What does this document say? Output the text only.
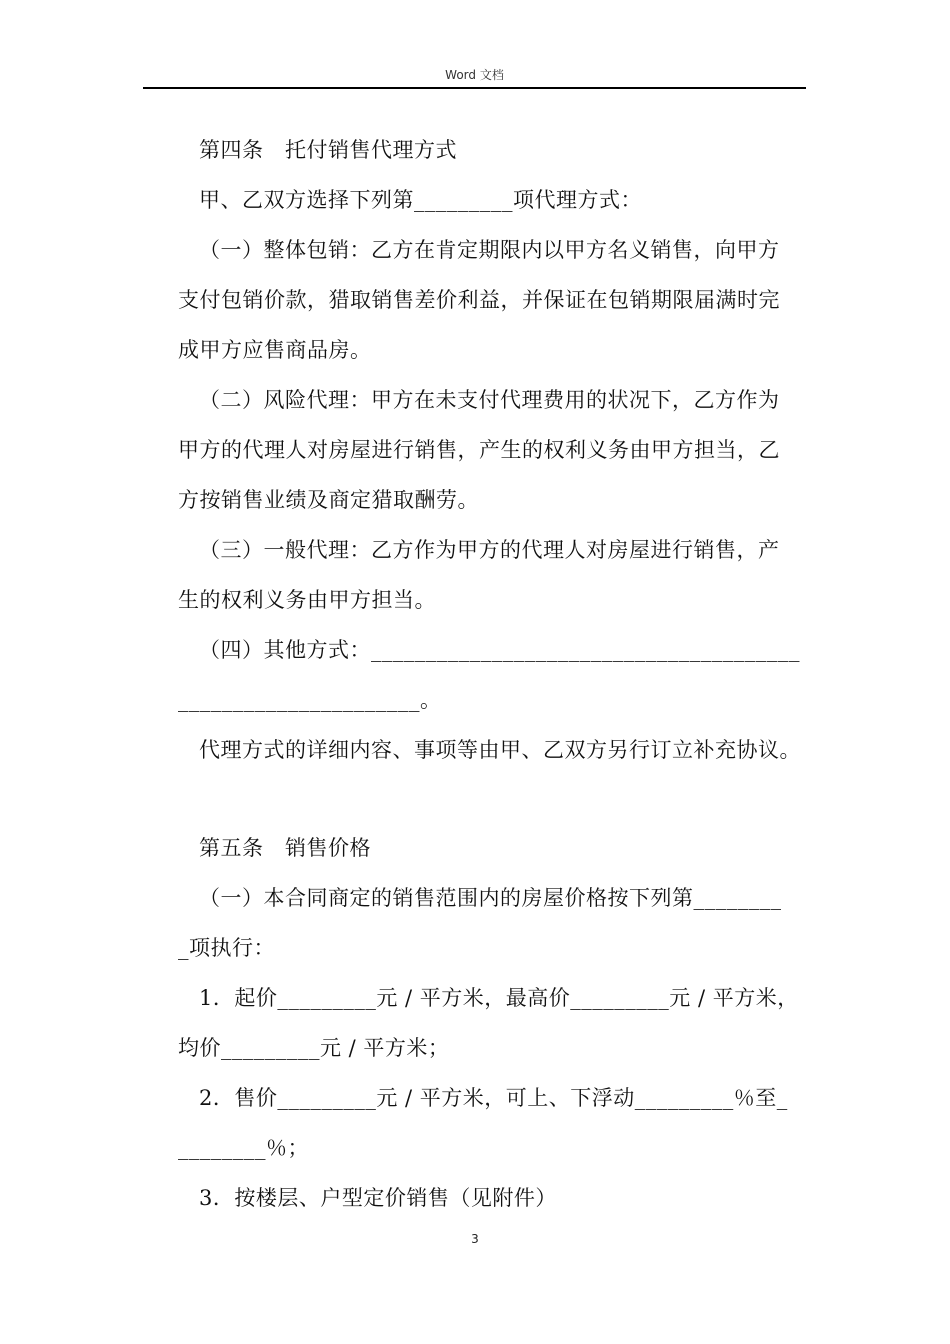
Word 文档
第四条　托付销售代理方式
甲、乙双方选择下列第_________项代理方式：
（一）整体包销：乙方在肯定期限内以甲方名义销售，向甲方
支付包销价款，猎取销售差价利益，并保证在包销期限届满时完
成甲方应售商品房。
（二）风险代理：甲方在未支付代理费用的状况下，乙方作为
甲方的代理人对房屋进行销售，产生的权利义务由甲方担当，乙
方按销售业绩及商定猎取酬劳。
（三）一般代理：乙方作为甲方的代理人对房屋进行销售，产
生的权利义务由甲方担当。
（四）其他方式：_______________________________________
______________________。
代理方式的详细内容、事项等由甲、乙双方另行订立补充协议。
第五条　销售价格
（一）本合同商定的销售范围内的房屋价格按下列第________
_项执行：
1．起价_________元 / 平方米，最高价_________元 / 平方米，
均价_________元 / 平方米；
2．售价_________元 / 平方米，可上、下浮动_________％至_
________％；
3．按楼层、户型定价销售（见附件）
3
